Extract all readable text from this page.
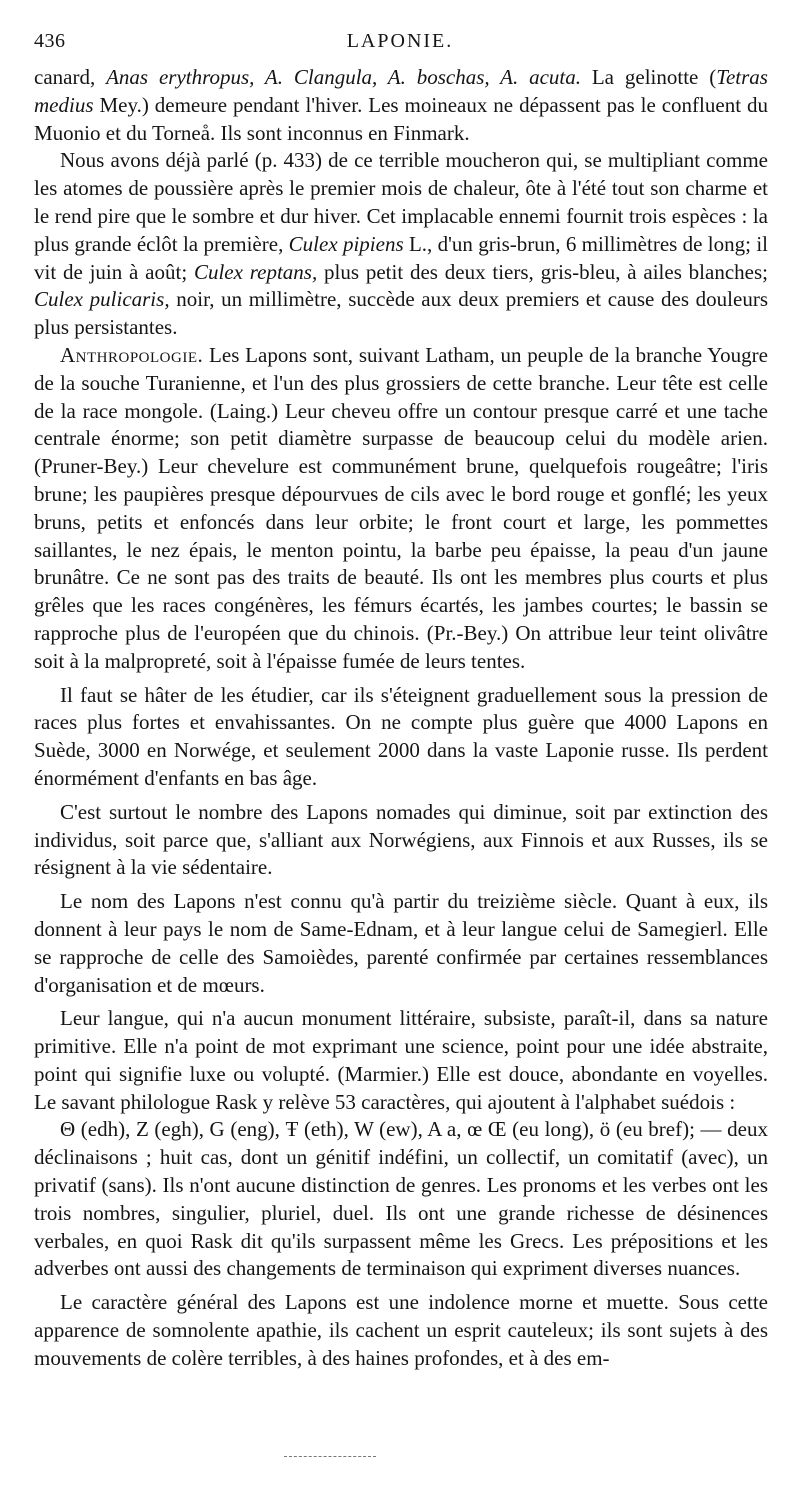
436	LAPONIE.

canard, Anas erythropus, A. Clangula, A. boschas, A. acuta. La gelinotte (Tetras medius Mey.) demeure pendant l'hiver. Les moineaux ne dépassent pas le confluent du Muonio et du Torneå. Ils sont inconnus en Finmark.

Nous avons déjà parlé (p. 433) de ce terrible moucheron qui, se multipliant comme les atomes de poussière après le premier mois de chaleur, ôte à l'été tout son charme et le rend pire que le sombre et dur hiver. Cet implacable ennemi fournit trois espèces : la plus grande éclôt la première, Culex pipiens L., d'un gris-brun, 6 millimètres de long; il vit de juin à août; Culex reptans, plus petit des deux tiers, gris-bleu, à ailes blanches; Culex pulicaris, noir, un millimètre, succède aux deux premiers et cause des douleurs plus persistantes.

Anthropologie. Les Lapons sont, suivant Latham, un peuple de la branche Yougre de la souche Turanienne, et l'un des plus grossiers de cette branche. Leur tête est celle de la race mongole. (Laing.) Leur cheveu offre un contour presque carré et une tache centrale énorme; son petit diamètre surpasse de beaucoup celui du modèle arien. (Pruner-Bey.) Leur chevelure est communément brune, quelquefois rougeâtre; l'iris brune; les paupières presque dépourvues de cils avec le bord rouge et gonflé; les yeux bruns, petits et enfoncés dans leur orbite; le front court et large, les pommettes saillantes, le nez épais, le menton pointu, la barbe peu épaisse, la peau d'un jaune brunâtre. Ce ne sont pas des traits de beauté. Ils ont les membres plus courts et plus grêles que les races congénères, les fémurs écartés, les jambes courtes; le bassin se rapproche plus de l'européen que du chinois. (Pr.-Bey.) On attribue leur teint olivâtre soit à la malpropreté, soit à l'épaisse fumée de leurs tentes.

Il faut se hâter de les étudier, car ils s'éteignent graduellement sous la pression de races plus fortes et envahissantes. On ne compte plus guère que 4000 Lapons en Suède, 3000 en Norwége, et seulement 2000 dans la vaste Laponie russe. Ils perdent énormément d'enfants en bas âge.

C'est surtout le nombre des Lapons nomades qui diminue, soit par extinction des individus, soit parce que, s'alliant aux Norwégiens, aux Finnois et aux Russes, ils se résignent à la vie sédentaire.

Le nom des Lapons n'est connu qu'à partir du treizième siècle. Quant à eux, ils donnent à leur pays le nom de Same-Ednam, et à leur langue celui de Samegierl. Elle se rapproche de celle des Samoièdes, parenté confirmée par certaines ressemblances d'organisation et de mœurs.

Leur langue, qui n'a aucun monument littéraire, subsiste, paraît-il, dans sa nature primitive. Elle n'a point de mot exprimant une science, point pour une idée abstraite, point qui signifie luxe ou volupté. (Marmier.) Elle est douce, abondante en voyelles. Le savant philologue Rask y relève 53 caractères, qui ajoutent à l'alphabet suédois :

Θ (edh), Z (egh), G (eng), Ŧ (eth), W (ew), A a, œ Œ (eu long), ö (eu bref); — deux déclinaisons ; huit cas, dont un génitif indéfini, un collectif, un comitatif (avec), un privatif (sans). Ils n'ont aucune distinction de genres. Les pronoms et les verbes ont les trois nombres, singulier, pluriel, duel. Ils ont une grande richesse de désinences verbales, en quoi Rask dit qu'ils surpassent même les Grecs. Les prépositions et les adverbes ont aussi des changements de terminaison qui expriment diverses nuances.

Le caractère général des Lapons est une indolence morne et muette. Sous cette apparence de somnolente apathie, ils cachent un esprit cauteleux; ils sont sujets à des mouvements de colère terribles, à des haines profondes, et à des em-
